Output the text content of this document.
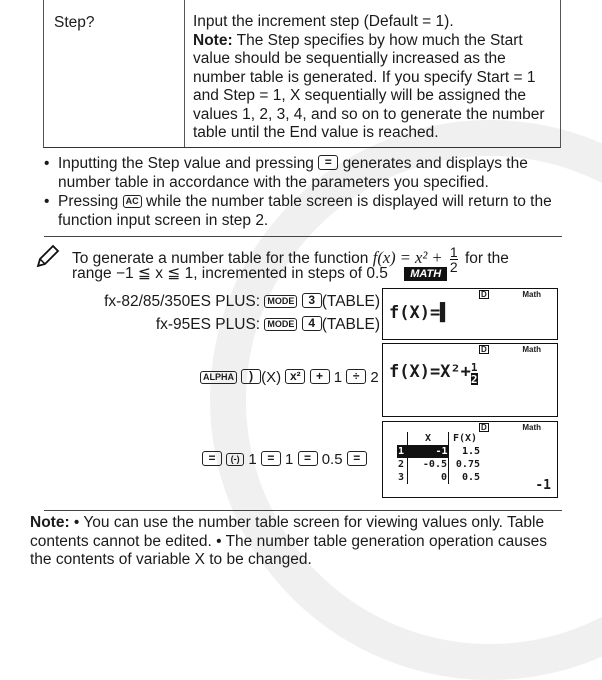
Step?	Input the increment step (Default = 1).
Note: The Step specifies by how much the Start value should be sequentially increased as the number table is generated. If you specify Start = 1 and Step = 1, X sequentially will be assigned the values 1, 2, 3, 4, and so on to generate the number table until the End value is reached.
• Inputting the Step value and pressing = generates and displays the number table in accordance with the parameters you specified.
• Pressing AC while the number table screen is displayed will return to the function input screen in step 2.
To generate a number table for the function $f(x) = x^2 + \frac{1}{2}$ for the
range −1 ≦ x ≦ 1, incremented in steps of 0.5 MATH
fx-82/85/350ES PLUS: MODE 3 (TABLE)
fx-95ES PLUS: MODE 4 (TABLE)
D	Math
f(X)=▌
ALPHA ) (X) x² + 1 ÷ 2
D	Math
$f(X)=X^2+ \frac{1}{2}$
= (-) 1 = 1 = 0.5 =
D	Math
	X	F(X)
1	-1	1.5
2	-0.5	0.75
3	0	0.5
-1
Note: • You can use the number table screen for viewing values only. Table contents cannot be edited. • The number table generation operation causes the contents of variable X to be changed.
